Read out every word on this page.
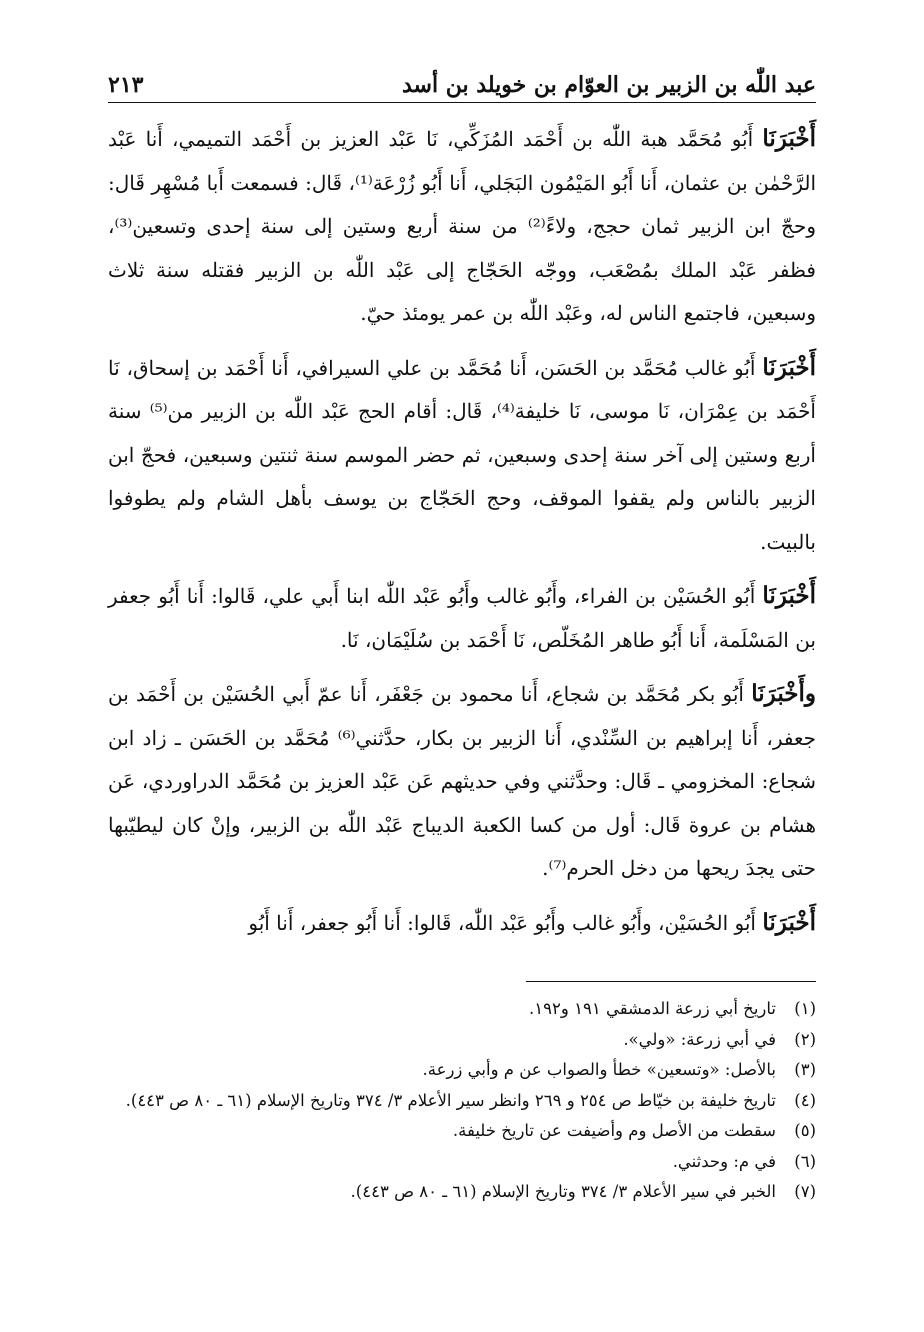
عبد اللّٰه بن الزبير بن العوّام بن خويلد بن أسد
٢١٣

أَخْبَرَنَا أَبُو مُحَمَّد هبة اللّٰه بن أَحْمَد المُزَكِّي، نَا عَبْد العزيز بن أَحْمَد التميمي، أَنا عَبْد الرَّحْمٰن بن عثمان، أَنا أَبُو المَيْمُون البَجَلي، أَنا أَبُو زُرْعَة⁽¹⁾، قَال: فسمعت أَبا مُسْهِر قَال: وحجّ ابن الزبير ثمان حجج، ولاءً⁽²⁾ من سنة أربع وستين إلى سنة إحدى وتسعين⁽³⁾، فظفر عَبْد الملك بمُصْعَب، ووجّه الحَجّاج إلى عَبْد اللّٰه بن الزبير فقتله سنة ثلاث وسبعين، فاجتمع الناس له، وعَبْد اللّٰه بن عمر يومئذ حيّ.

أَخْبَرَنَا أَبُو غالب مُحَمَّد بن الحَسَن، أَنا مُحَمَّد بن علي السيرافي، أَنا أَحْمَد بن إسحاق، نَا أَحْمَد بن عِمْرَان، نَا موسى، نَا خليفة⁽⁴⁾، قَال: أقام الحج عَبْد اللّٰه بن الزبير من⁽⁵⁾ سنة أربع وستين إلى آخر سنة إحدى وسبعين، ثم حضر الموسم سنة ثنتين وسبعين، فحجّ ابن الزبير بالناس ولم يقفوا الموقف، وحج الحَجّاج بن يوسف بأهل الشام ولم يطوفوا بالبيت.

أَخْبَرَنَا أَبُو الحُسَيْن بن الفراء، وأَبُو غالب وأَبُو عَبْد اللّٰه ابنا أَبي علي، قَالوا: أَنا أَبُو جعفر بن المَسْلَمة، أَنا أَبُو طاهر المُخَلّص، نَا أَحْمَد بن سُلَيْمَان، نَا.

وأَخْبَرَنَا أَبُو بكر مُحَمَّد بن شجاع، أَنا محمود بن جَعْفَر، أَنا عمّ أَبي الحُسَيْن بن أَحْمَد بن جعفر، أَنا إبراهيم بن السِّنْدي، أَنا الزبير بن بكار، حدَّثني⁽⁶⁾ مُحَمَّد بن الحَسَن ـ زاد ابن شجاع: المخزومي ـ قَال: وحدَّثني وفي حديثهم عَن عَبْد العزيز بن مُحَمَّد الدراوردي، عَن هشام بن عروة قَال: أول من كسا الكعبة الديباج عَبْد اللّٰه بن الزبير، وإنْ كان ليطيّبها حتى يجدَ ريحها من دخل الحرم⁽⁷⁾.

أَخْبَرَنَا أَبُو الحُسَيْن، وأَبُو غالب وأَبُو عَبْد اللّٰه، قَالوا: أَنا أَبُو جعفر، أَنا أَبُو

(١)
تاريخ أبي زرعة الدمشقي ١٩١ و١٩٢.
(٢)
في أبي زرعة: «ولي».
(٣)
بالأصل: «وتسعين» خطأ والصواب عن م وأبي زرعة.
(٤)
تاريخ خليفة بن خيّاط ص ٢٥٤ و ٢٦٩ وانظر سير الأعلام ٣/ ٣٧٤ وتاريخ الإسلام (٦١ ـ ٨٠ ص ٤٤٣).
(٥)
سقطت من الأصل وم وأضيفت عن تاريخ خليفة.
(٦)
في م: وحدثني.
(٧)
الخبر في سير الأعلام ٣/ ٣٧٤ وتاريخ الإسلام (٦١ ـ ٨٠ ص ٤٤٣).
